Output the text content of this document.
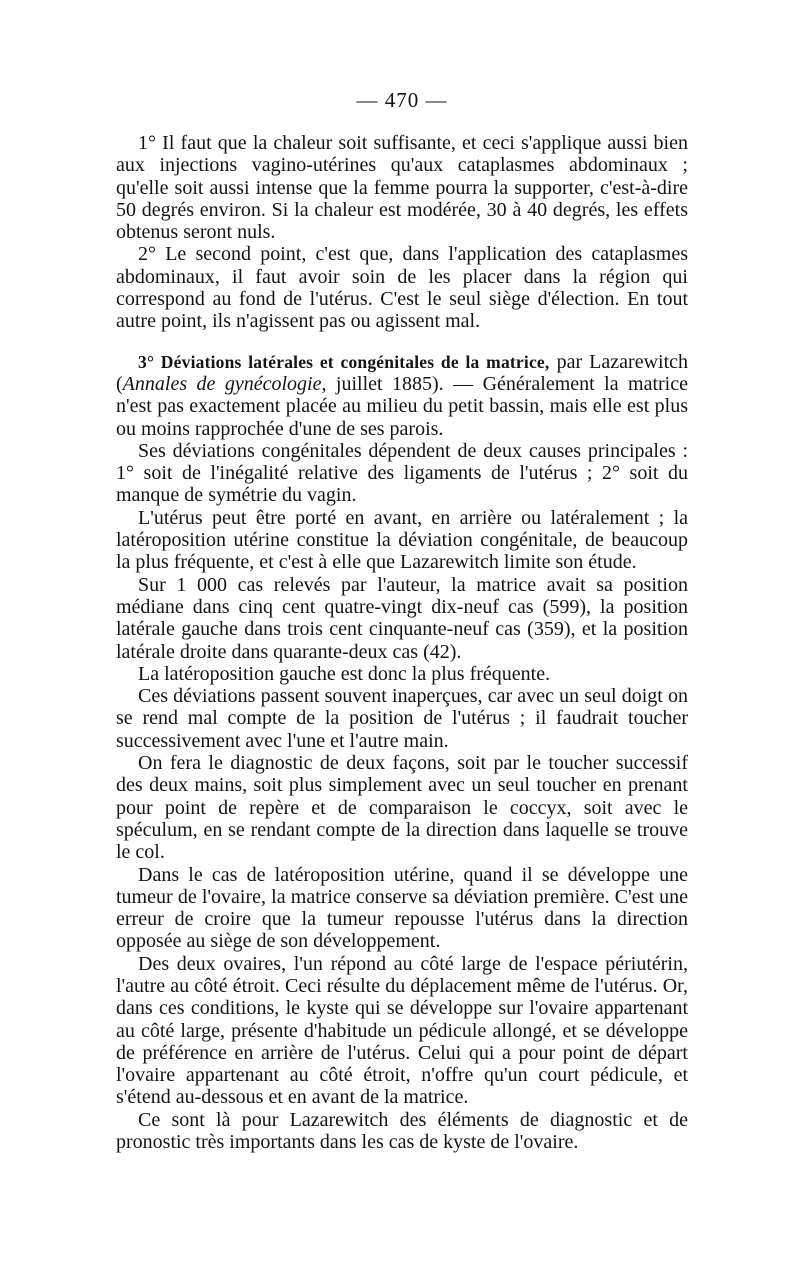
— 470 —

1° Il faut que la chaleur soit suffisante, et ceci s'applique aussi bien aux injections vagino-utérines qu'aux cataplasmes abdominaux ; qu'elle soit aussi intense que la femme pourra la supporter, c'est-à-dire 50 degrés environ. Si la chaleur est modérée, 30 à 40 degrés, les effets obtenus seront nuls.

2° Le second point, c'est que, dans l'application des cataplasmes abdominaux, il faut avoir soin de les placer dans la région qui correspond au fond de l'utérus. C'est le seul siège d'élection. En tout autre point, ils n'agissent pas ou agissent mal.

3° Déviations latérales et congénitales de la matrice, par Lazarewitch (Annales de gynécologie, juillet 1885). — Généralement la matrice n'est pas exactement placée au milieu du petit bassin, mais elle est plus ou moins rapprochée d'une de ses parois.

Ses déviations congénitales dépendent de deux causes principales : 1° soit de l'inégalité relative des ligaments de l'utérus ; 2° soit du manque de symétrie du vagin.

L'utérus peut être porté en avant, en arrière ou latéralement ; la latéroposition utérine constitue la déviation congénitale, de beaucoup la plus fréquente, et c'est à elle que Lazarewitch limite son étude.

Sur 1 000 cas relevés par l'auteur, la matrice avait sa position médiane dans cinq cent quatre-vingt dix-neuf cas (599), la position latérale gauche dans trois cent cinquante-neuf cas (359), et la position latérale droite dans quarante-deux cas (42).

La latéroposition gauche est donc la plus fréquente.

Ces déviations passent souvent inaperçues, car avec un seul doigt on se rend mal compte de la position de l'utérus ; il faudrait toucher successivement avec l'une et l'autre main.

On fera le diagnostic de deux façons, soit par le toucher successif des deux mains, soit plus simplement avec un seul toucher en prenant pour point de repère et de comparaison le coccyx, soit avec le spéculum, en se rendant compte de la direction dans laquelle se trouve le col.

Dans le cas de latéroposition utérine, quand il se développe une tumeur de l'ovaire, la matrice conserve sa déviation première. C'est une erreur de croire que la tumeur repousse l'utérus dans la direction opposée au siège de son développement.

Des deux ovaires, l'un répond au côté large de l'espace périutérin, l'autre au côté étroit. Ceci résulte du déplacement même de l'utérus. Or, dans ces conditions, le kyste qui se développe sur l'ovaire appartenant au côté large, présente d'habitude un pédicule allongé, et se développe de préférence en arrière de l'utérus. Celui qui a pour point de départ l'ovaire appartenant au côté étroit, n'offre qu'un court pédicule, et s'étend au-dessous et en avant de la matrice.

Ce sont là pour Lazarewitch des éléments de diagnostic et de pronostic très importants dans les cas de kyste de l'ovaire.
